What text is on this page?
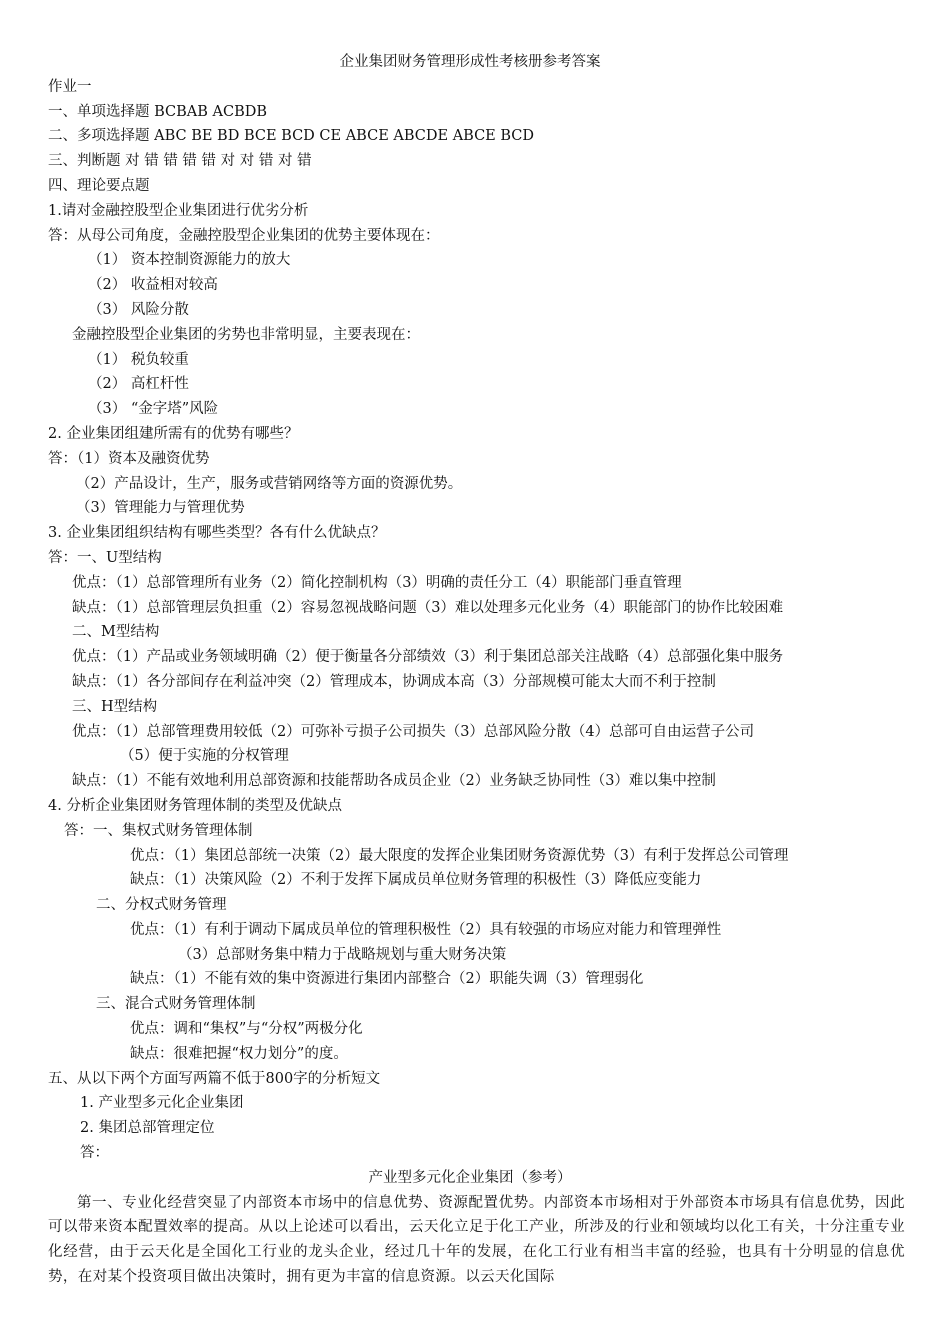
企业集团财务管理形成性考核册参考答案
作业一
一、单项选择题 BCBAB ACBDB
二、多项选择题 ABC BE BD BCE BCD CE ABCE ABCDE ABCE BCD
三、判断题 对 错 错 错 错 对 对 错 对 错
四、理论要点题
1.请对金融控股型企业集团进行优劣分析
答：从母公司角度，金融控股型企业集团的优势主要体现在：
（1） 资本控制资源能力的放大
（2） 收益相对较高
（3） 风险分散
金融控股型企业集团的劣势也非常明显，主要表现在：
（1） 税负较重
（2） 高杠杆性
（3） “金字塔”风险
2. 企业集团组建所需有的优势有哪些？
答：（1）资本及融资优势
（2）产品设计，生产，服务或营销网络等方面的资源优势。
（3）管理能力与管理优势
3. 企业集团组织结构有哪些类型？各有什么优缺点？
答：一、U型结构
优点：（1）总部管理所有业务（2）简化控制机构（3）明确的责任分工（4）职能部门垂直管理
缺点：（1）总部管理层负担重（2）容易忽视战略问题（3）难以处理多元化业务（4）职能部门的协作比较困难
二、M型结构
优点：（1）产品或业务领域明确（2）便于衡量各分部绩效（3）利于集团总部关注战略（4）总部强化集中服务
缺点：（1）各分部间存在利益冲突（2）管理成本，协调成本高（3）分部规模可能太大而不利于控制
三、H型结构
优点：（1）总部管理费用较低（2）可弥补亏损子公司损失（3）总部风险分散（4）总部可自由运营子公司
（5）便于实施的分权管理
缺点：（1）不能有效地利用总部资源和技能帮助各成员企业（2）业务缺乏协同性（3）难以集中控制
4. 分析企业集团财务管理体制的类型及优缺点
答：一、集权式财务管理体制
优点：（1）集团总部统一决策（2）最大限度的发挥企业集团财务资源优势（3）有利于发挥总公司管理
缺点：（1）决策风险（2）不利于发挥下属成员单位财务管理的积极性（3）降低应变能力
二、分权式财务管理
优点：（1）有利于调动下属成员单位的管理积极性（2）具有较强的市场应对能力和管理弹性
（3）总部财务集中精力于战略规划与重大财务决策
缺点：（1）不能有效的集中资源进行集团内部整合（2）职能失调（3）管理弱化
三、混合式财务管理体制
优点：调和“集权”与“分权”两极分化
缺点：很难把握“权力划分”的度。
五、从以下两个方面写两篇不低于800字的分析短文
1. 产业型多元化企业集团
2. 集团总部管理定位
答：
产业型多元化企业集团（参考）

第一、专业化经营突显了内部资本市场中的信息优势、资源配置优势。内部资本市场相对于外部资本市场具有信息优势，因此可以带来资本配置效率的提高。从以上论述可以看出，云天化立足于化工产业，所涉及的行业和领域均以化工有关，十分注重专业化经营，由于云天化是全国化工行业的龙头企业，经过几十年的发展，在化工行业有相当丰富的经验，也具有十分明显的信息优势，在对某个投资项目做出决策时，拥有更为丰富的信息资源。以云天化国际
